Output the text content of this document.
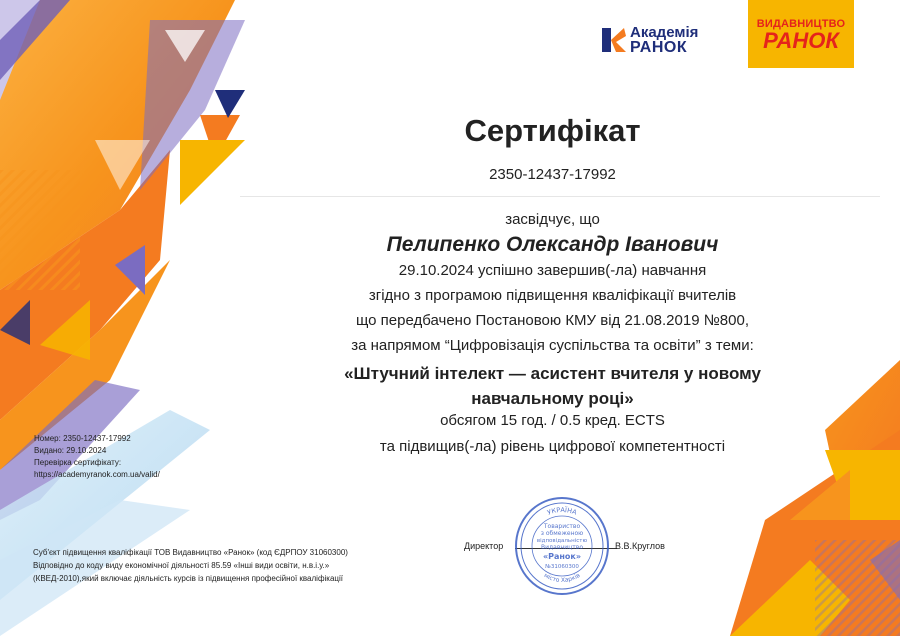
Академія
РАНОК
ВИДАВНИЦТВО
РАНОК
Сертифікат
2350-12437-17992
засвідчує, що
Пелипенко Олександр Іванович
29.10.2024 успішно завершив(-ла) навчання
згідно з програмою підвищення кваліфікації вчителів
що передбачено Постановою КМУ від 21.08.2019 №800,
за напрямом “Цифровізація суспільства та освіти” з теми:
«Штучний інтелект — асистент вчителя у новому
навчальному році»
обсягом 15 год. / 0.5 кред. ECTS
та підвищив(-ла) рівень цифрової компетентності
Номер: 2350-12437-17992
Видано: 29.10.2024
Перевірка сертифікату:
https://academyranok.com.ua/valid/
Суб'єкт підвищення кваліфікації ТОВ Видавництво «Ранок» (код ЄДРПОУ 31060300)
Відповідно до коду виду економічної діяльності 85.59 «Інші види освіти, н.в.і.у.»
(КВЕД-2010),який включає діяльність курсів із підвищення професійної кваліфікації
Директор	В.В.Круглов
УКРАЇНА
місто Харків
Товариство
з обмеженою
відповідальністю
Видавництво
«Ранок»
№31060300
